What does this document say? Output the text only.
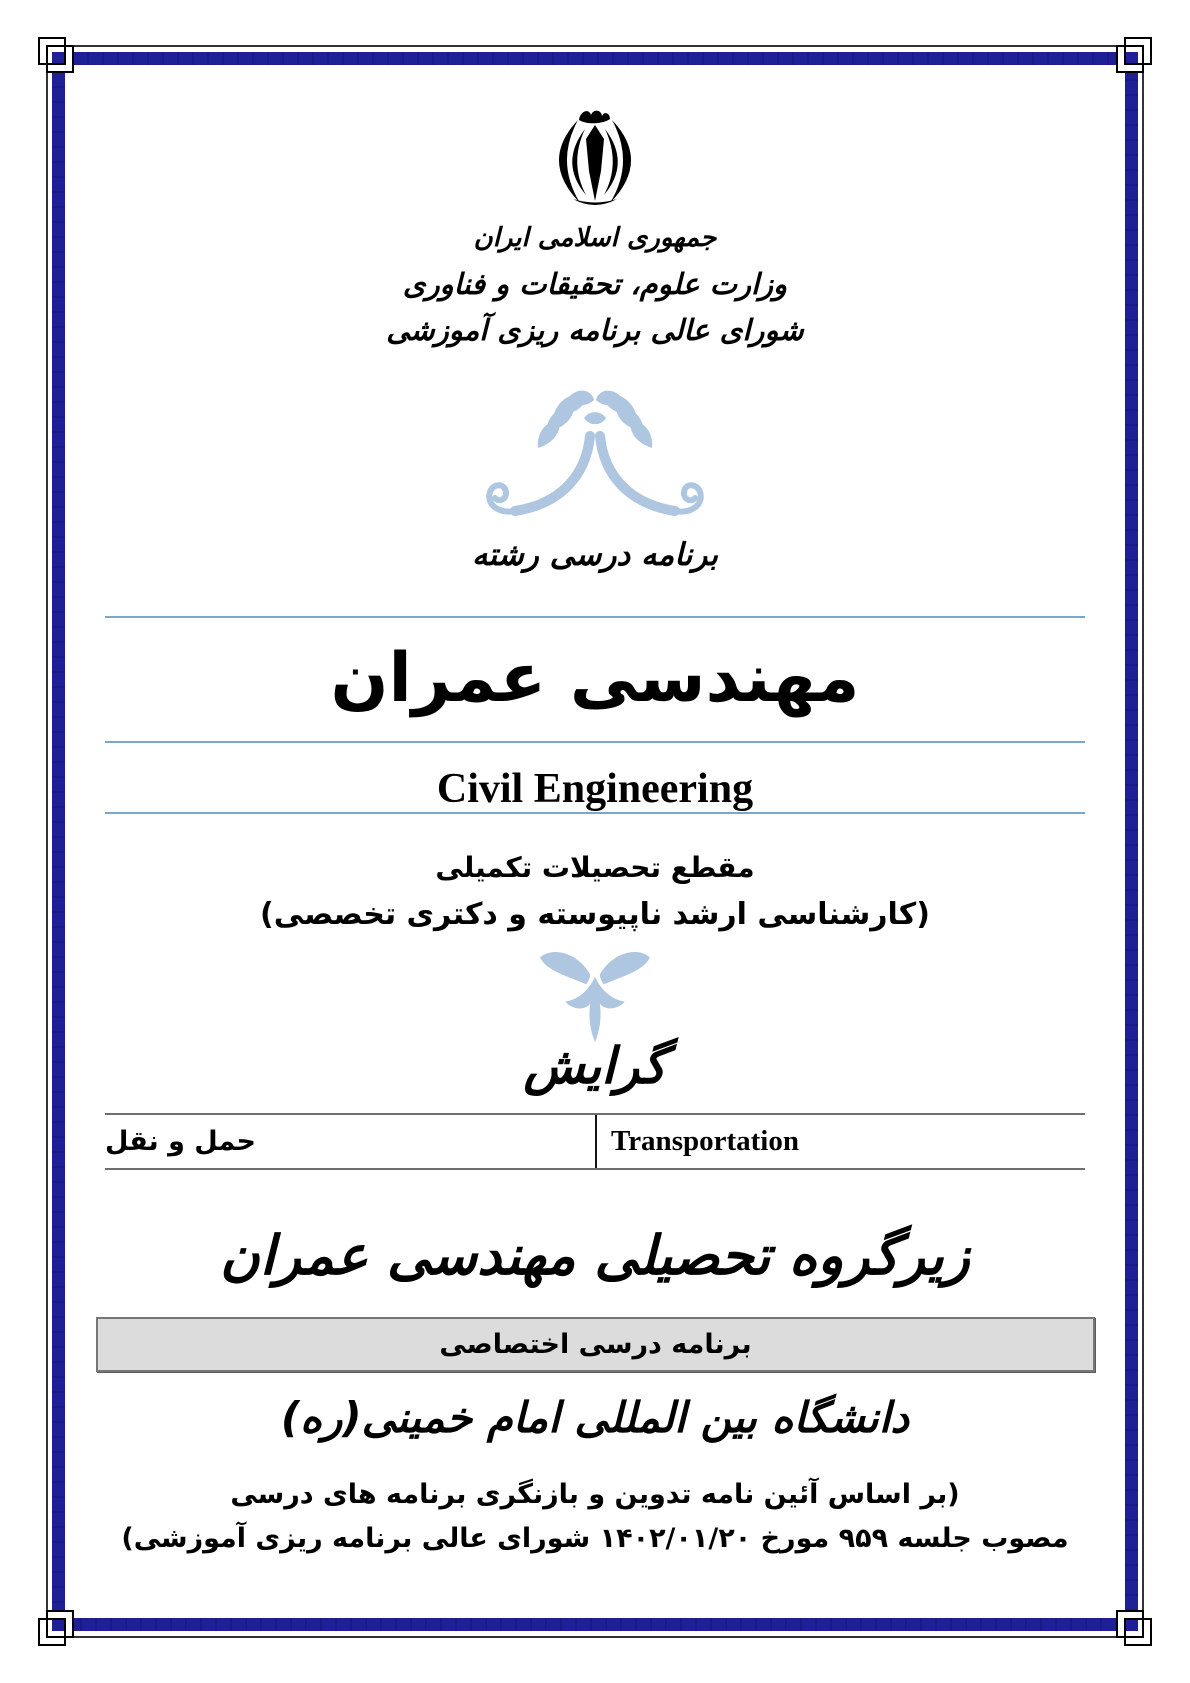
جمهوری اسلامی ایران
وزارت علوم، تحقیقات و فناوری
شورای عالی برنامه ریزی آموزشی
برنامه درسی رشته
مهندسی عمران
Civil Engineering
مقطع تحصیلات تکمیلی
(کارشناسی ارشد ناپیوسته و دکتری تخصصی)
گرایش
حمل و نقل	Transportation
زیرگروه تحصیلی مهندسی عمران
برنامه درسی اختصاصی
دانشگاه بین المللی امام خمینی(ره)
(بر اساس آئین نامه تدوین و بازنگری برنامه های درسی
مصوب جلسه ۹۵۹ مورخ ۱۴۰۲/۰۱/۲۰ شورای عالی برنامه ریزی آموزشی)
